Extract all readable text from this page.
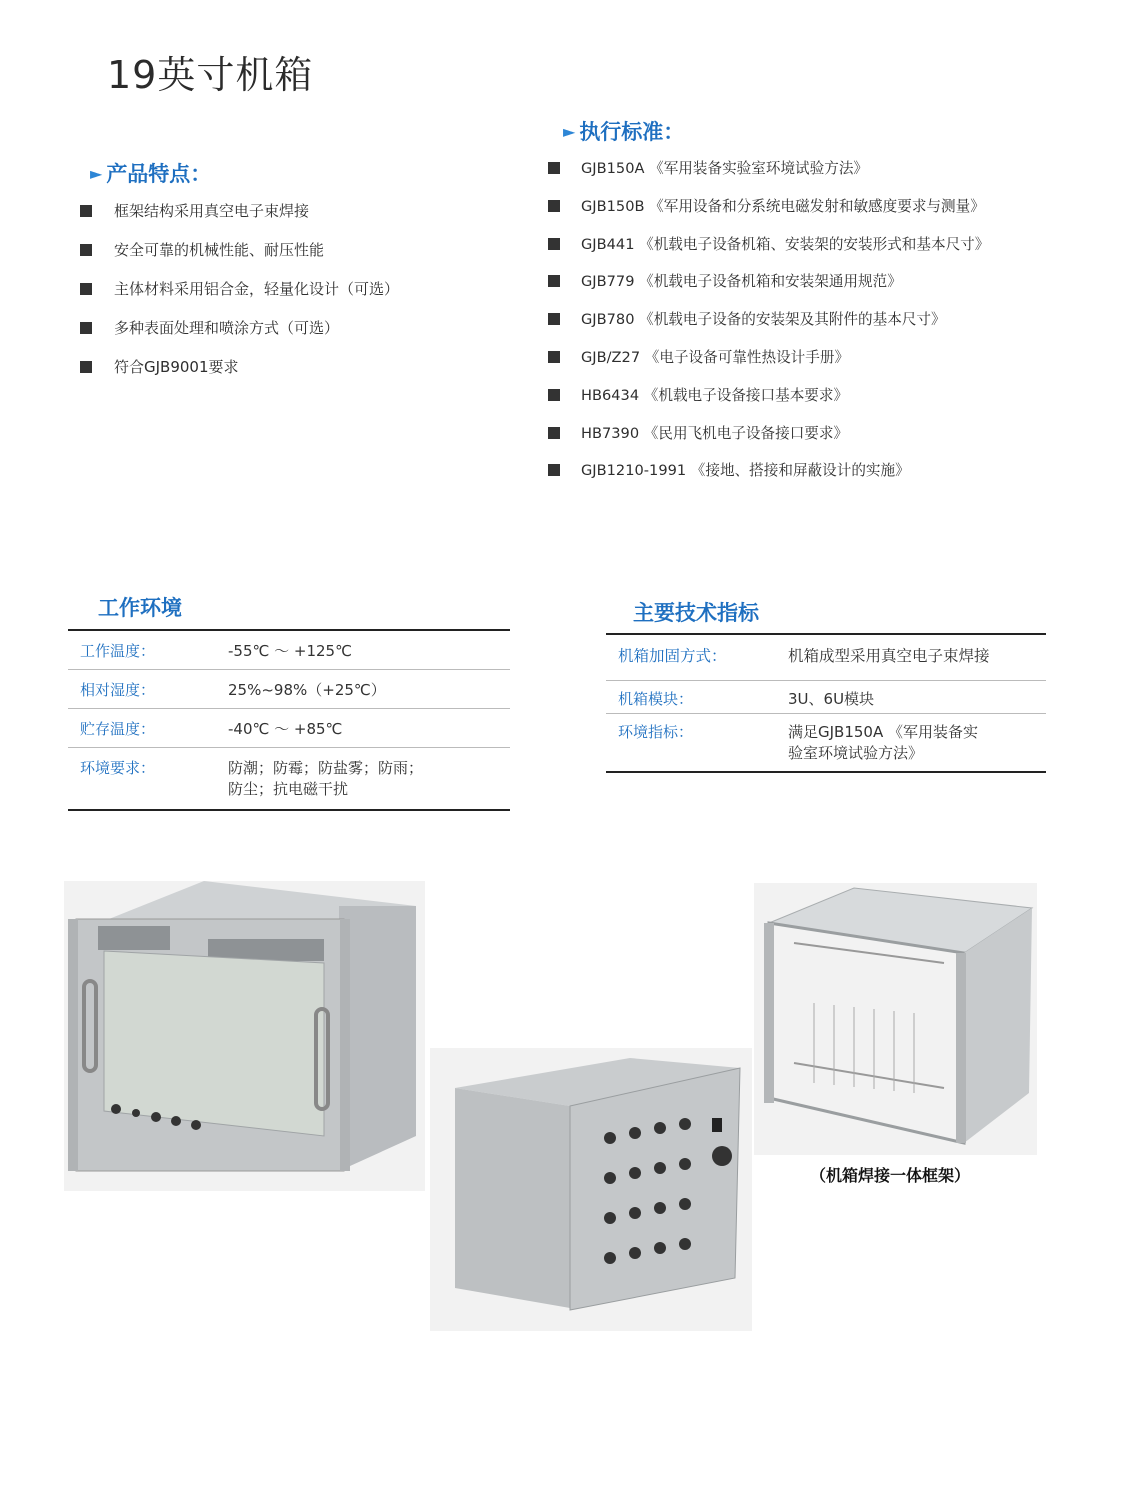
19英寸机箱
► 产品特点：
框架结构采用真空电子束焊接
安全可靠的机械性能、耐压性能
主体材料采用铝合金，轻量化设计（可选）
多种表面处理和喷涂方式（可选）
符合GJB9001要求
► 执行标准：
GJB150A 《军用装备实验室环境试验方法》
GJB150B 《军用设备和分系统电磁发射和敏感度要求与测量》
GJB441 《机载电子设备机箱、安装架的安装形式和基本尺寸》
GJB779 《机载电子设备机箱和安装架通用规范》
GJB780 《机载电子设备的安装架及其附件的基本尺寸》
GJB/Z27 《电子设备可靠性热设计手册》
HB6434 《机载电子设备接口基本要求》
HB7390 《民用飞机电子设备接口要求》
GJB1210-1991 《接地、搭接和屏蔽设计的实施》
工作环境
工作温度：	-55℃ ～ +125℃
相对湿度：	25%~98%（+25℃）
贮存温度：	-40℃ ～ +85℃
环境要求：	防潮；防霉；防盐雾；防雨；
防尘；抗电磁干扰
主要技术指标
机箱加固方式：	机箱成型采用真空电子束焊接
机箱模块：	3U、6U模块
环境指标：	满足GJB150A 《军用装备实
验室环境试验方法》
（机箱焊接一体框架）
